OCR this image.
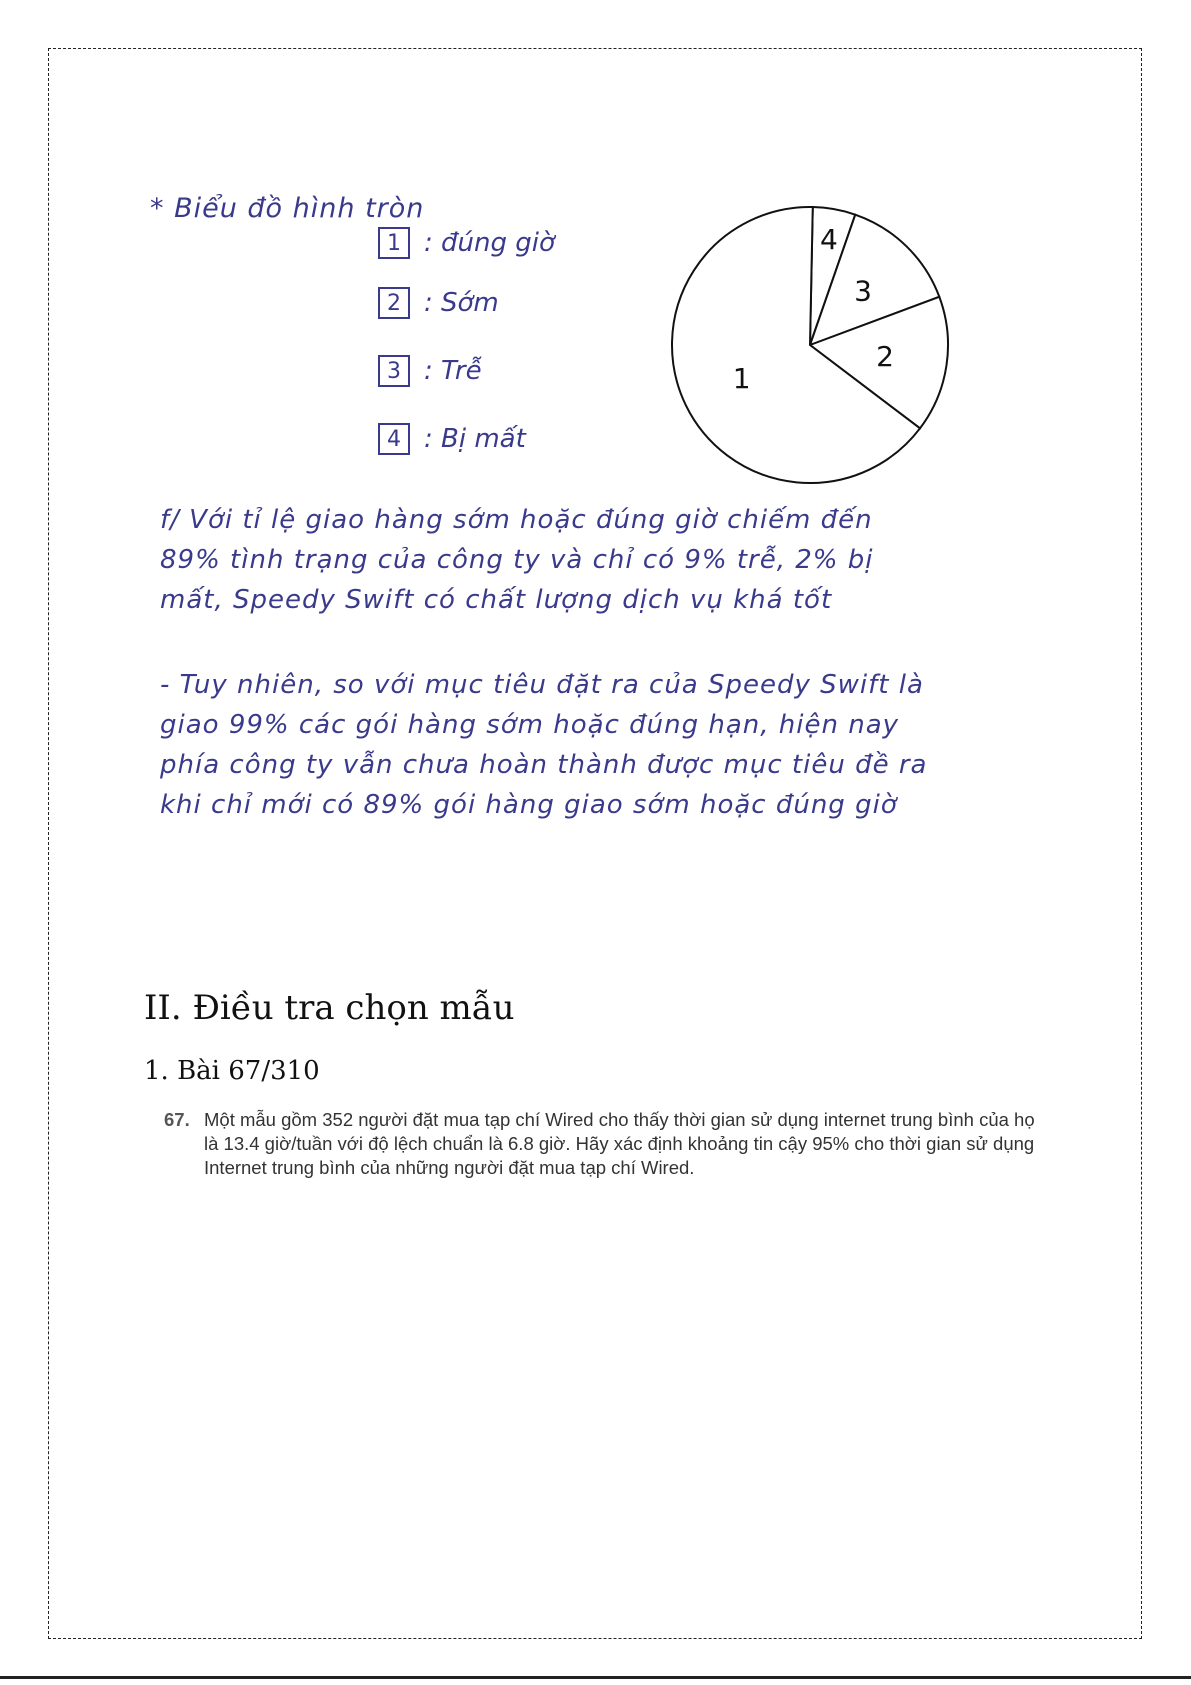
* Biểu đồ hình tròn
1 : đúng giờ
2 : Sớm
3 : Trễ
4 : Bị mất
4
3
2
1
f/ Với tỉ lệ giao hàng sớm hoặc đúng giờ chiếm đến 89% tình trạng của công ty và chỉ có 9% trễ, 2% bị mất, Speedy Swift có chất lượng dịch vụ khá tốt
- Tuy nhiên, so với mục tiêu đặt ra của Speedy Swift là giao 99% các gói hàng sớm hoặc đúng hạn, hiện nay phía công ty vẫn chưa hoàn thành được mục tiêu đề ra khi chỉ mới có 89% gói hàng giao sớm hoặc đúng giờ
II. Điều tra chọn mẫu
1. Bài 67/310
67. Một mẫu gồm 352 người đặt mua tạp chí Wired cho thấy thời gian sử dụng internet trung bình của họ là 13.4 giờ/tuần với độ lệch chuẩn là 6.8 giờ. Hãy xác định khoảng tin cậy 95% cho thời gian sử dụng Internet trung bình của những người đặt mua tạp chí Wired.
